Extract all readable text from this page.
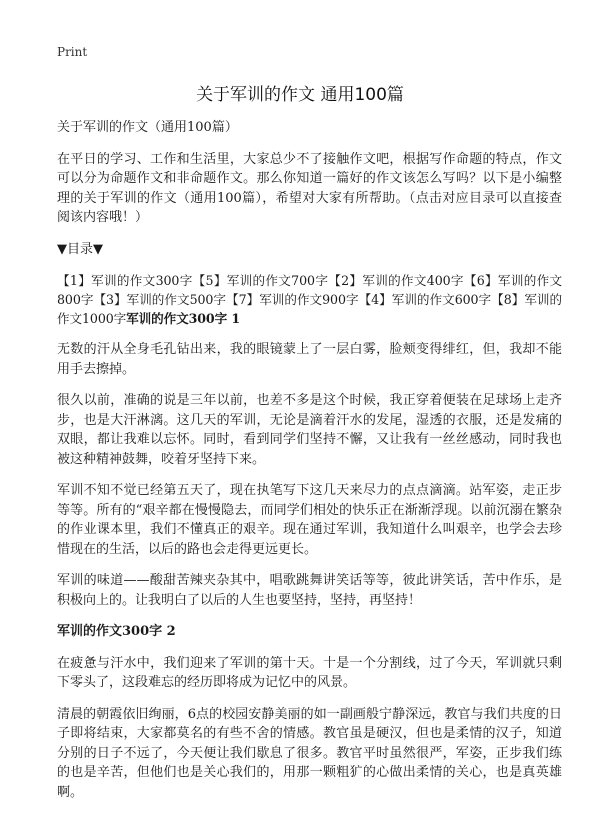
Print
关于军训的作文 通用100篇

关于军训的作文（通用100篇）

在平日的学习、工作和生活里，大家总少不了接触作文吧，根据写作命题的特点，作文可以分为命题作文和非命题作文。那么你知道一篇好的作文该怎么写吗？以下是小编整理的关于军训的作文（通用100篇），希望对大家有所帮助。（点击对应目录可以直接查阅该内容哦！）

▼目录▼

【1】军训的作文300字【5】军训的作文700字【2】军训的作文400字【6】军训的作文800字【3】军训的作文500字【7】军训的作文900字【4】军训的作文600字【8】军训的作文1000字军训的作文300字 1

无数的汗从全身毛孔钻出来，我的眼镜蒙上了一层白雾，脸颊变得绯红，但，我却不能用手去擦掉。

很久以前，准确的说是三年以前，也差不多是这个时候，我正穿着便装在足球场上走齐步，也是大汗淋漓。这几天的军训，无论是滴着汗水的发尾，湿透的衣服，还是发痛的双眼，都让我难以忘怀。同时，看到同学们坚持不懈，又让我有一丝丝感动，同时我也被这种精神鼓舞，咬着牙坚持下来。

军训不知不觉已经第五天了，现在执笔写下这几天来尽力的点点滴滴。站军姿，走正步等等。所有的“艰辛都在慢慢隐去，而同学们相处的快乐正在渐渐浮现。以前沉溺在繁杂的作业课本里，我们不懂真正的艰辛。现在通过军训，我知道什么叫艰辛，也学会去珍惜现在的生活，以后的路也会走得更远更长。

军训的味道——酸甜苦辣夹杂其中，唱歌跳舞讲笑话等等，彼此讲笑话，苦中作乐，是积极向上的。让我明白了以后的人生也要坚持，坚持，再坚持！

军训的作文300字 2

在疲惫与汗水中，我们迎来了军训的第十天。十是一个分割线，过了今天，军训就只剩下零头了，这段难忘的经历即将成为记忆中的风景。

清晨的朝霞依旧绚丽，6点的校园安静美丽的如一副画般宁静深远，教官与我们共度的日子即将结束，大家都莫名的有些不舍的情感。教官虽是硬汉，但也是柔情的汉子，知道分别的日子不远了，今天便让我们歇息了很多。教官平时虽然很严，军姿，正步我们练的也是辛苦，但他们也是关心我们的，用那一颗粗犷的心做出柔情的关心，也是真英雄啊。
